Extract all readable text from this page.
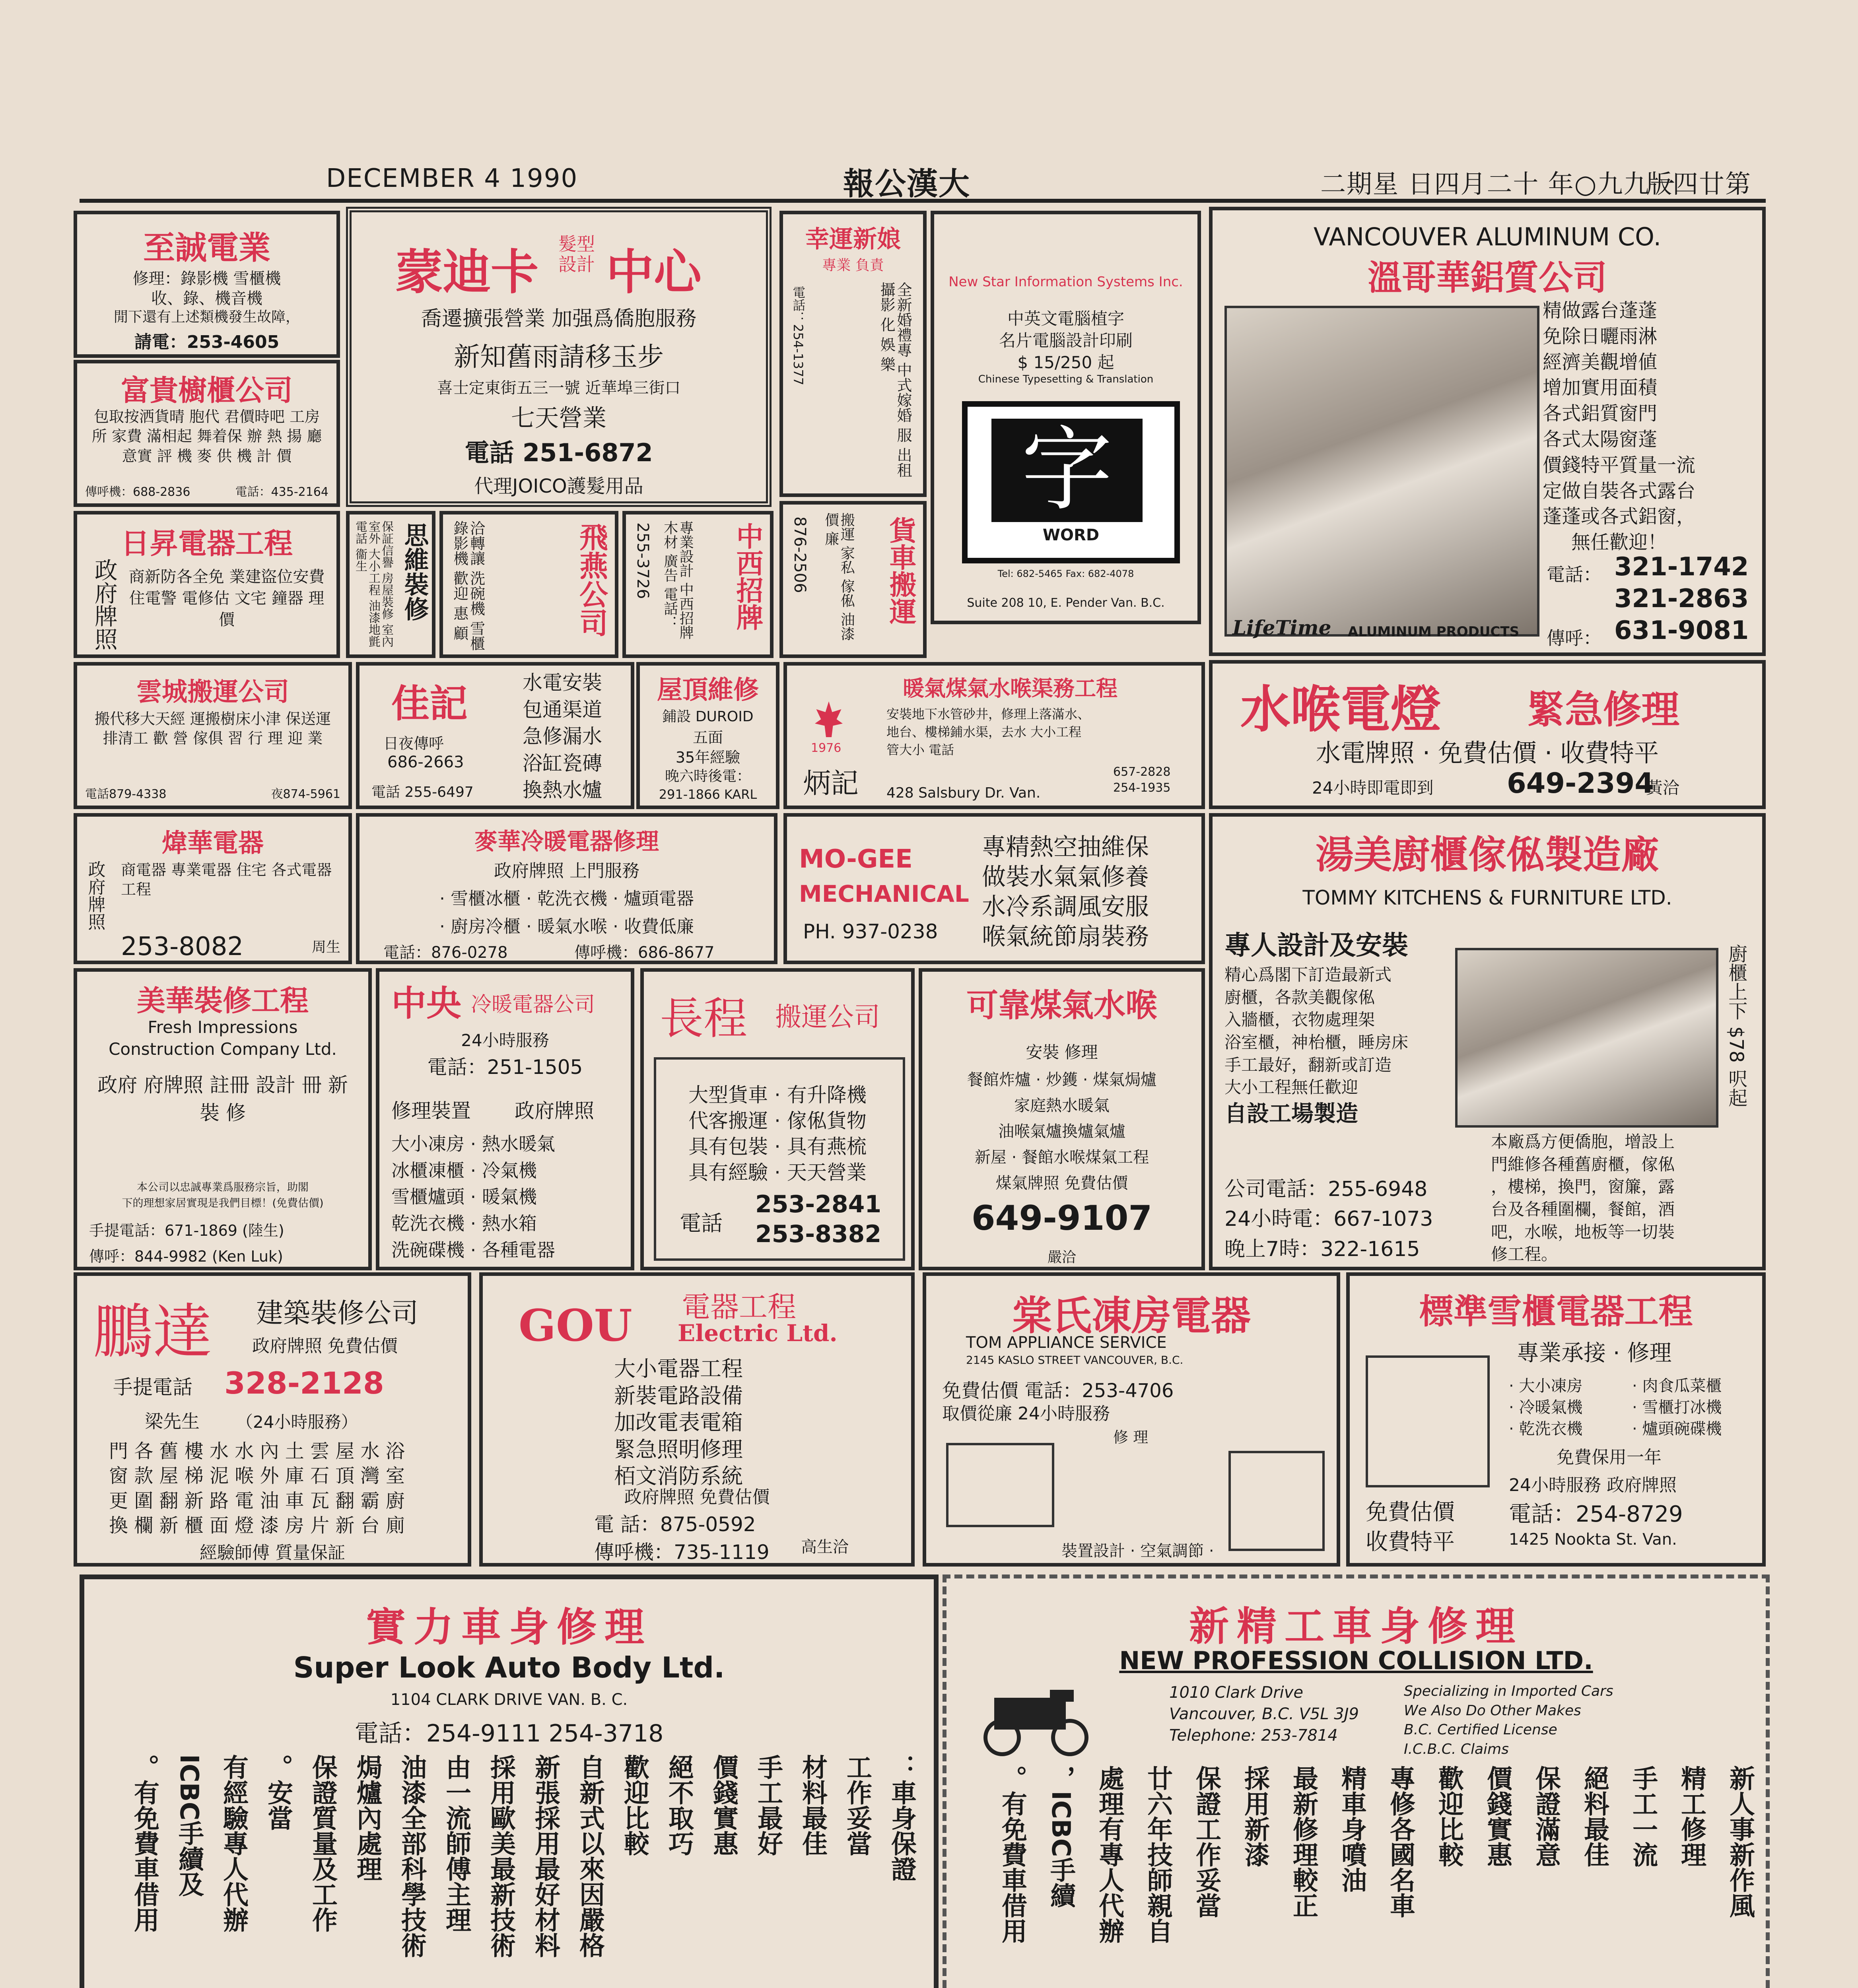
DECEMBER 4 1990	報公漢大	二期星 日四月二十 年○九九一
版四廿第
至誠電業
修理：錄影機 雪櫃機
收、錄、機音機
閒下還有上述類機發生故障，
請電：253-4605
富貴櫥櫃公司
包取按洒貨晴 胞代 君價時吧 工房所 家費 滿相起 舞着保 辦 熱 揚 廳 意實 評 機 麥 供 機 計 價
傳呼機：688-2836	電話：435-2164
日昇電器工程
政府牌照 商新防各全免 業建盜位安費 住電警 電修估 文宅 鐘器 理價
蒙迪卡
髮型設計 中心
喬遷擴張營業 加强爲僑胞服務
新知舊雨請移玉步
喜士定東街五三一號 近華埠三街口
七天營業
電話 251-6872
代理JOICO護髮用品
幸運新娘
專業 負責
全新婚禮專 中式嫁婚 服 出租 攝影 化 娛 樂
電話：254-1377
New Star Information Systems Inc.
中英文電腦植字
名片電腦設計印刷
$ 15/250 起
Chinese Typesetting & Translation
字
WORD
Tel: 682-5465 Fax: 682-4078
Suite 208 10, E. Pender Van. B.C.
VANCOUVER ALUMINUM CO.
溫哥華鋁質公司
精做露台蓬蓬
免除日曬雨淋
經濟美觀增値
增加實用面積
各式鋁質窗門
各式太陽窗蓬
價錢特平質量一流
定做自裝各式露台
蓬蓬或各式鋁窗，
無任歡迎！
電話： 321-1742
321-2863
傳呼： 631-9081
LifeTime ALUMINUM PRODUCTS
思維裝修
保証信譽 房屋裝修 室內室外 大小工程 油漆地氈 電話 衞生	飛燕公司
洽轉讓 洗碗機 雪櫃 錄影機 歡迎 惠 顧	中西招牌
專業設計 中西招牌 木材 廣告 電話：
255-3726	貨車搬運
搬運 家私 傢俬 油漆 價 廉
876-2506
雲城搬運公司
搬代移大天經 運搬樹床小津 保送運排清工 歡 營 傢俱 習 行 理 迎 業
電話879-4338	夜874-5961
佳記
日夜傳呼
686-2663
電話 255-6497
水電安裝
包通渠道
急修漏水
浴缸瓷磚
換熱水爐
屋頂維修
鋪設 DUROID
五面
35年經驗
晚六時後電：
291-1866 KARL
暖氣煤氣水喉渠務工程
1976
炳記
安裝地下水管砂井，修理上落滿水、 地台、樓梯鋪水渠，去水 大小工程 管大小 電話
428 Salsbury Dr. Van.
657-2828
254-1935
水喉電燈 緊急修理
水電牌照 · 免費估價 · 收費特平
24小時即電即到	649-2394
黃洽
煒華電器
政府牌照 商電器 專業電器 住宅 各式電器 工程
253-8082	周生
麥華冷暖電器修理
政府牌照 上門服務
· 雪櫃冰櫃 · 乾洗衣機 · 爐頭電器
· 廚房冷櫃 · 暖氣水喉 · 收費低廉
電話：876-0278	傳呼機：686-8677
MO-GEE
MECHANICAL
PH. 937-0238
專精熱空抽維保
做裝水氣氣修養
水冷系調風安服
喉氣統節扇裝務
湯美廚櫃傢俬製造廠
TOMMY KITCHENS & FURNITURE LTD.
專人設計及安裝
精心爲閣下訂造最新式
廚櫃，各款美觀傢俬
入牆櫃，衣物處理架
浴室櫃，神枱櫃，睡房床
手工最好，翻新或訂造
大小工程無任歡迎
自設工場製造
公司電話：255-6948
24小時電：667-1073
晚上7時：322-1615
廚櫃上下 $78 呎起
本廠爲方便僑胞，增設上
門維修各種舊廚櫃，傢俬
，樓梯，換門，窗簾，露
台及各種圍欄，餐館，酒
吧，水喉，地板等一切裝
修工程。
美華裝修工程
Fresh Impressions
Construction Company Ltd.
政府 府牌照 註冊 設計 冊 新 裝 修
本公司以忠誠專業爲服務宗旨，助閣
下的理想家居實現是我們目標！(免費估價)
手提電話：671-1869 (陸生)
傳呼：844-9982 (Ken Luk)
中央 冷暖電器公司
24小時服務
電話：251-1505
修理裝置 政府牌照
大小凍房 · 熱水暖氣
冰櫃凍櫃 · 冷氣機
雪櫃爐頭 · 暖氣機
乾洗衣機 · 熱水箱
洗碗碟機 · 各種電器
長程 搬運公司
大型貨車 · 有升降機
代客搬運 · 傢俬貨物
具有包裝 · 具有燕梳
具有經驗 · 天天營業
電話
253-2841
253-8382
可靠煤氣水喉
安裝 修理
餐館炸爐 · 炒鑊 · 煤氣焗爐
家庭熱水暖氣
油喉氣爐換爐氣爐
新屋 · 餐館水喉煤氣工程
煤氣牌照 免費估價
649-9107
嚴洽
鵬達 建築裝修公司
政府牌照 免費估價
手提電話 328-2128
梁先生 （24小時服務）
門 各 舊 樓 水 水 內 土 雲 屋 水 浴
窗 款 屋 梯 泥 喉 外 庫 石 頂 灣 室
更 圍 翻 新 路 電 油 車 瓦 翻 霸 廚
換 欄 新 櫃 面 燈 漆 房 片 新 台 廁
經驗師傅 質量保証
GOU 電器工程
Electric Ltd.
大小電器工程
新裝電路設備
加改電表電箱
緊急照明修理
栢文消防系統
政府牌照 免費估價
電 話：875-0592
傳呼機：735-1119 高生洽
棠氏凍房電器
TOM APPLIANCE SERVICE
2145 KASLO STREET VANCOUVER, B.C.
免費估價 電話：253-4706
取價從廉 24小時服務
修 理
裝置設計 · 空氣調節 ·
標準雪櫃電器工程
專業承接 · 修理
· 大小凍房
· 冷暖氣機
· 乾洗衣機
· 肉食瓜菜櫃
· 雪櫃打冰機
· 爐頭碗碟機
免費保用一年
24小時服務 政府牌照
免費估價
收費特平
電話：254-8729
1425 Nookta St. Van.
實力車身修理
Super Look Auto Body Ltd.
1104 CLARK DRIVE VAN. B. C.
電話：254-9111 254-3718
車身保證：
工作妥當
材料最佳
手工最好
價錢實惠
絕不取巧
歡迎比較
自新式以來因嚴格
新張採用最好材料
採用歐美最新技術
由一流師傅主理
油漆全部科學技術
焗爐內處理
保證質量及工作
安當。
有經驗專人代辦
ICBC手續及
有免費車借用。
新精工車身修理
NEW PROFESSION COLLISION LTD.
1010 Clark Drive
Vancouver, B.C. V5L 3J9
Telephone: 253-7814
Specializing in Imported Cars
We Also Do Other Makes
B.C. Certified License
I.C.B.C. Claims
新人事新作風
精工修理
手工一流
絕料最佳
保證滿意
價錢實惠
歡迎比較
專修各國名車
精車身噴油
最新修理較正
採用新漆
保證工作妥當
廿六年技師親自
處理有專人代辦
ICBC手續，
有免費車借用。
